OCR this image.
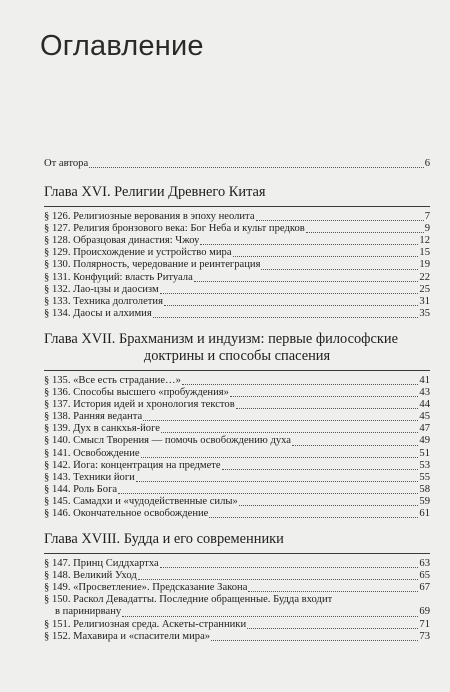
Оглавление
От автора	6
Глава XVI. Религии Древнего Китая
§ 126. Религиозные верования в эпоху неолита	7
§ 127. Религия бронзового века: Бог Неба и культ предков	9
§ 128. Образцовая династия: Чжоу	12
§ 129. Происхождение и устройство мира	15
§ 130. Полярность, чередование и реинтеграция	19
§ 131. Конфуций: власть Ритуала	22
§ 132. Лао-цзы и даосизм	25
§ 133. Техника долголетия	31
§ 134. Даосы и алхимия	35
Глава XVII. Брахманизм и индуизм: первые философские
доктрины и способы спасения
§ 135. «Все есть страдание…»	41
§ 136. Способы высшего «пробуждения»	43
§ 137. История идей и хронология текстов	44
§ 138. Ранняя веданта	45
§ 139. Дух в санкхья-йоге	47
§ 140. Смысл Творения — помочь освобождению духа	49
§ 141. Освобождение	51
§ 142. Йога: концентрация на предмете	53
§ 143. Техники йоги	55
§ 144. Роль Бога	58
§ 145. Самадхи и «чудодейственные силы»	59
§ 146. Окончательное освобождение	61
Глава XVIII. Будда и его современники
§ 147. Принц Сиддхартха	63
§ 148. Великий Уход	65
§ 149. «Просветление». Предсказание Закона	67
§ 150. Раскол Девадатты. Последние обращенные. Будда входит
в паринирвану	69
§ 151. Религиозная среда. Аскеты-странники	71
§ 152. Махавира и «спасители мира»	73
